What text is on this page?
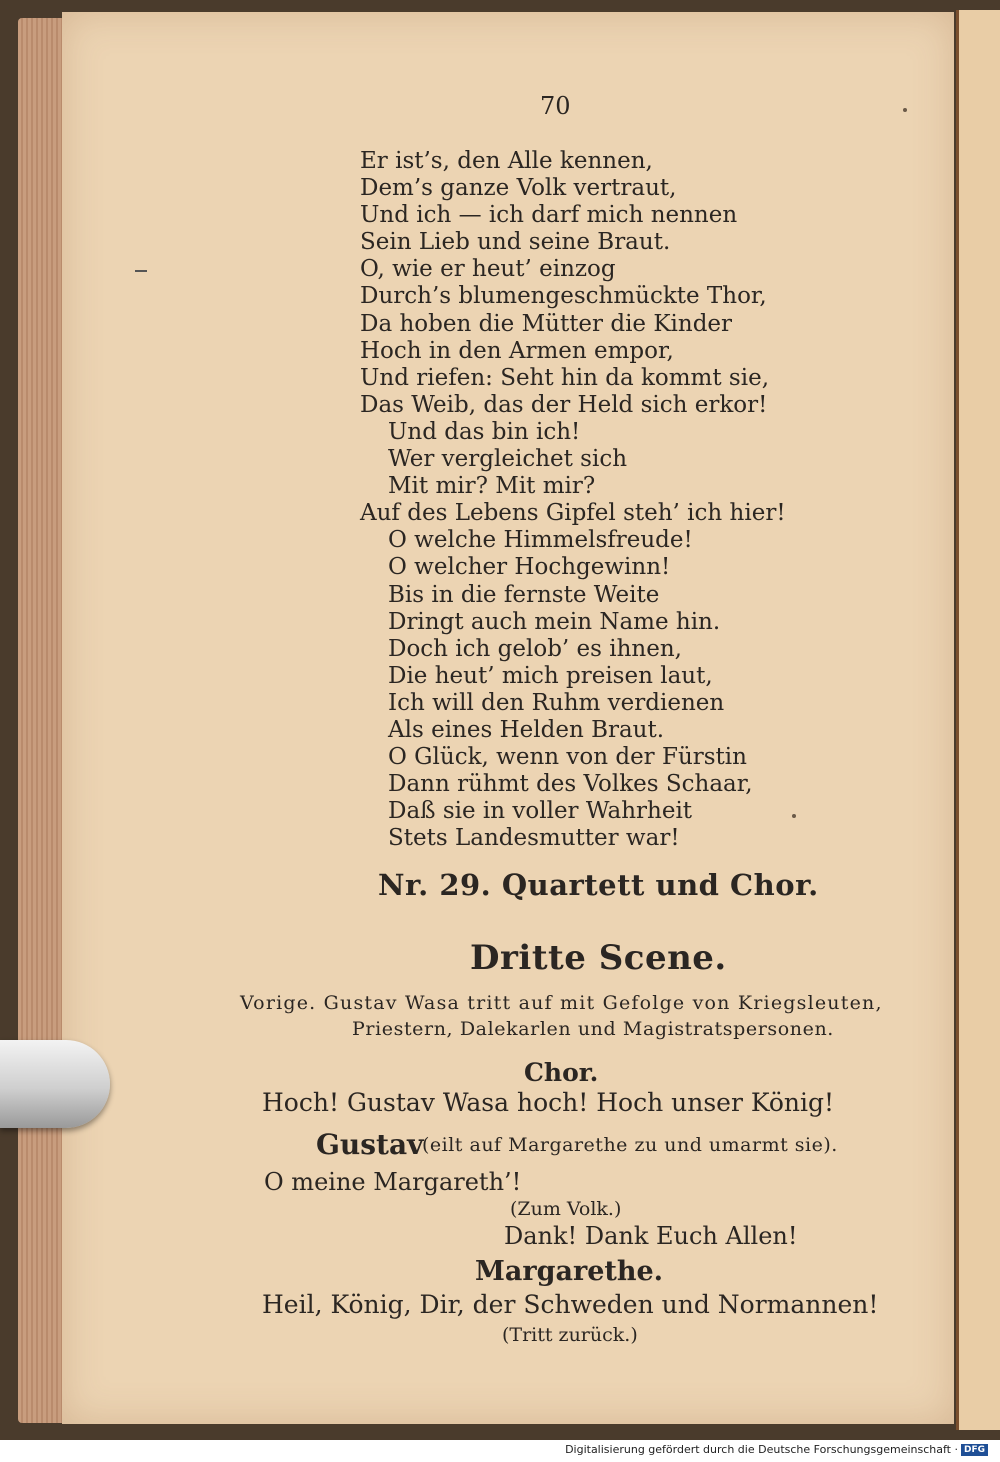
70
Er ist’s, den Alle kennen,
Dem’s ganze Volk vertraut,
Und ich — ich darf mich nennen
Sein Lieb und seine Braut.
O, wie er heut’ einzog
Durch’s blumengeschmückte Thor,
Da hoben die Mütter die Kinder
Hoch in den Armen empor,
Und riefen: Seht hin da kommt sie,
Das Weib, das der Held sich erkor!
Und das bin ich!
Wer vergleichet sich
Mit mir? Mit mir?
Auf des Lebens Gipfel steh’ ich hier!
O welche Himmelsfreude!
O welcher Hochgewinn!
Bis in die fernste Weite
Dringt auch mein Name hin.
Doch ich gelob’ es ihnen,
Die heut’ mich preisen laut,
Ich will den Ruhm verdienen
Als eines Helden Braut.
O Glück, wenn von der Fürstin
Dann rühmt des Volkes Schaar,
Daß sie in voller Wahrheit
Stets Landesmutter war!
Nr. 29. Quartett und Chor.
Dritte Scene.
Vorige. Gustav Wasa tritt auf mit Gefolge von Kriegsleuten,
Priestern, Dalekarlen und Magistratspersonen.
Chor.
Hoch! Gustav Wasa hoch! Hoch unser König!
Gustav
(eilt auf Margarethe zu und umarmt sie).
O meine Margareth’!
(Zum Volk.)
Dank! Dank Euch Allen!
Margarethe.
Heil, König, Dir, der Schweden und Normannen!
(Tritt zurück.)
Digitalisierung gefördert durch die Deutsche Forschungsgemeinschaft · DFG
